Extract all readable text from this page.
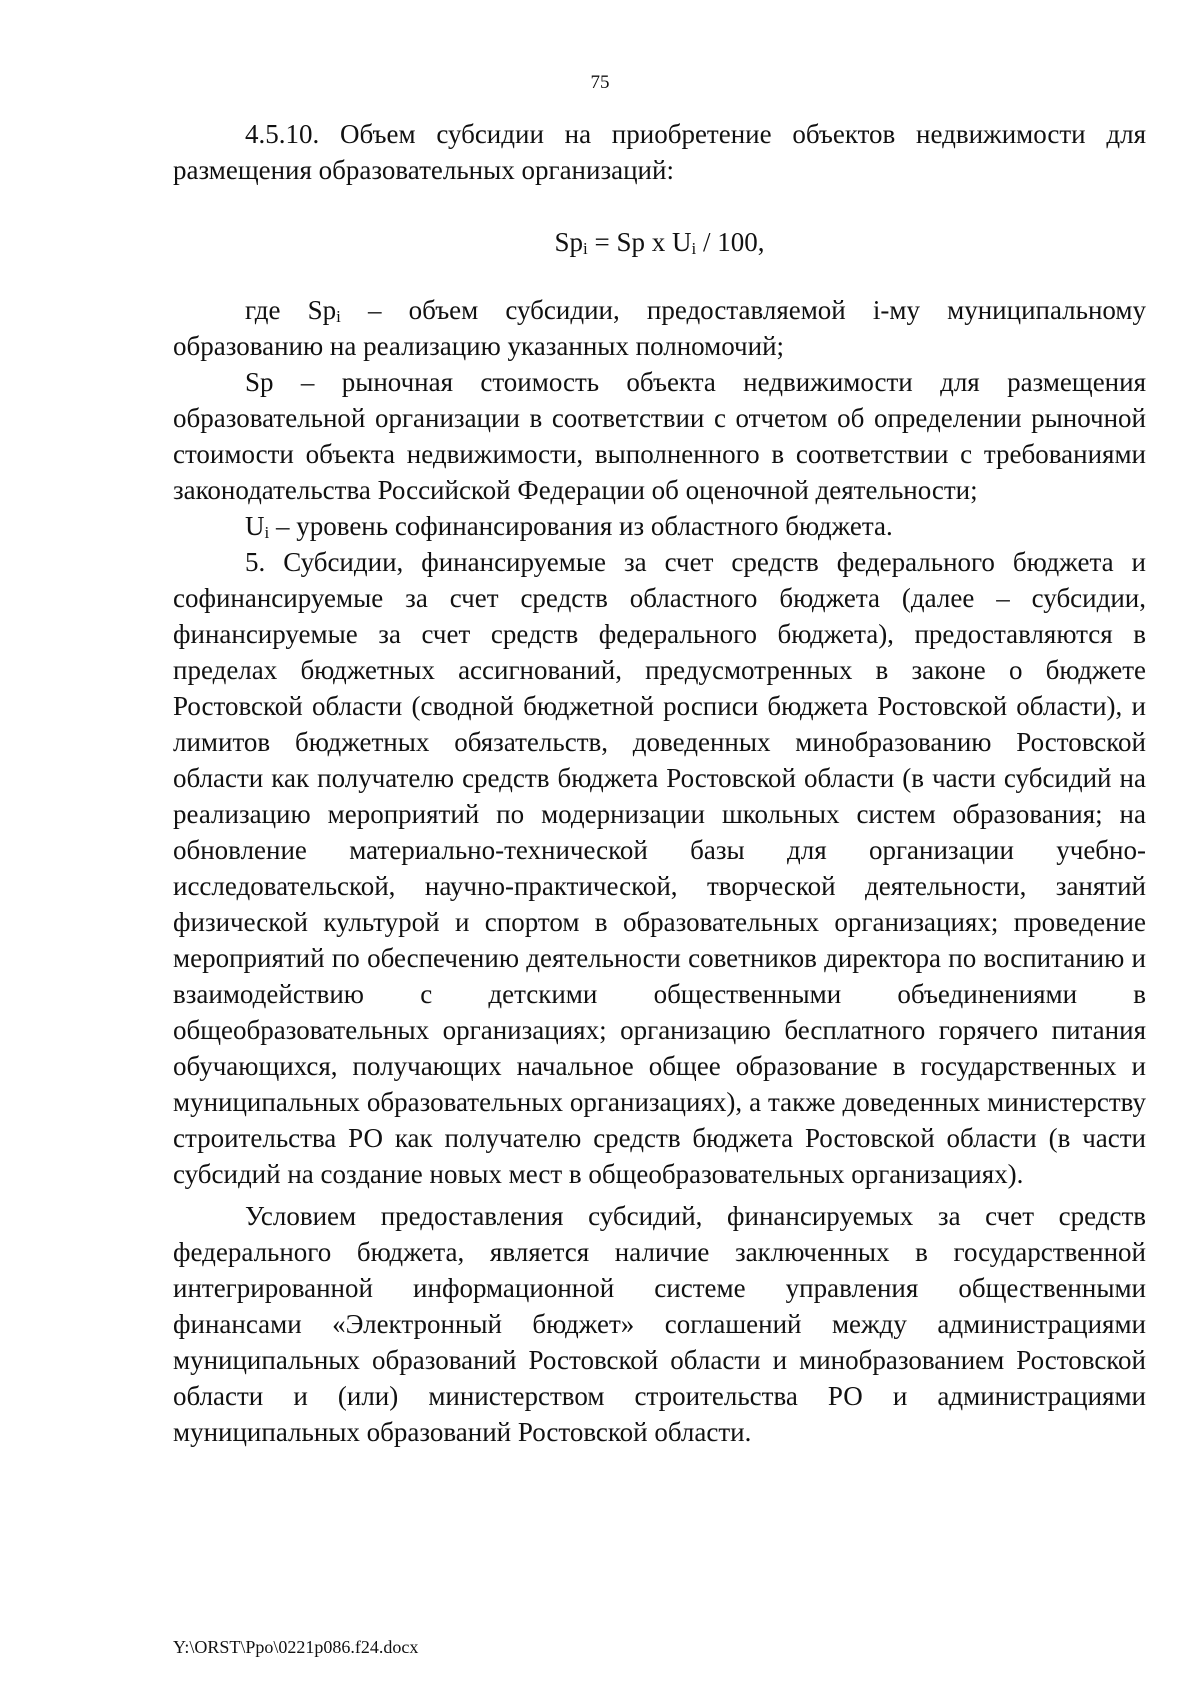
75

4.5.10. Объем субсидии на приобретение объектов недвижимости для размещения образовательных организаций:

$Sp_i = Sp$ x $U_i / 100$,

где $Sp_i$ – объем субсидии, предоставляемой i-му муниципальному образованию на реализацию указанных полномочий;

Sp – рыночная стоимость объекта недвижимости для размещения образовательной организации в соответствии с отчетом об определении рыночной стоимости объекта недвижимости, выполненного в соответствии с требованиями законодательства Российской Федерации об оценочной деятельности;

$U_i$ – уровень софинансирования из областного бюджета.

5. Субсидии, финансируемые за счет средств федерального бюджета и софинансируемые за счет средств областного бюджета (далее – субсидии, финансируемые за счет средств федерального бюджета), предоставляются в пределах бюджетных ассигнований, предусмотренных в законе о бюджете Ростовской области (сводной бюджетной росписи бюджета Ростовской области), и лимитов бюджетных обязательств, доведенных минобразованию Ростовской области как получателю средств бюджета Ростовской области (в части субсидий на реализацию мероприятий по модернизации школьных систем образования; на обновление материально-технической базы для организации учебно-исследовательской, научно-практической, творческой деятельности, занятий физической культурой и спортом в образовательных организациях; проведение мероприятий по обеспечению деятельности советников директора по воспитанию и взаимодействию с детскими общественными объединениями в общеобразовательных организациях; организацию бесплатного горячего питания обучающихся, получающих начальное общее образование в государственных и муниципальных образовательных организациях), а также доведенных министерству строительства РО как получателю средств бюджета Ростовской области (в части субсидий на создание новых мест в общеобразовательных организациях).

Условием предоставления субсидий, финансируемых за счет средств федерального бюджета, является наличие заключенных в государственной интегрированной информационной системе управления общественными финансами «Электронный бюджет» соглашений между администрациями муниципальных образований Ростовской области и минобразованием Ростовской области и (или) министерством строительства РО и администрациями муниципальных образований Ростовской области.

Y:\ORST\Ppo\0221p086.f24.docx
